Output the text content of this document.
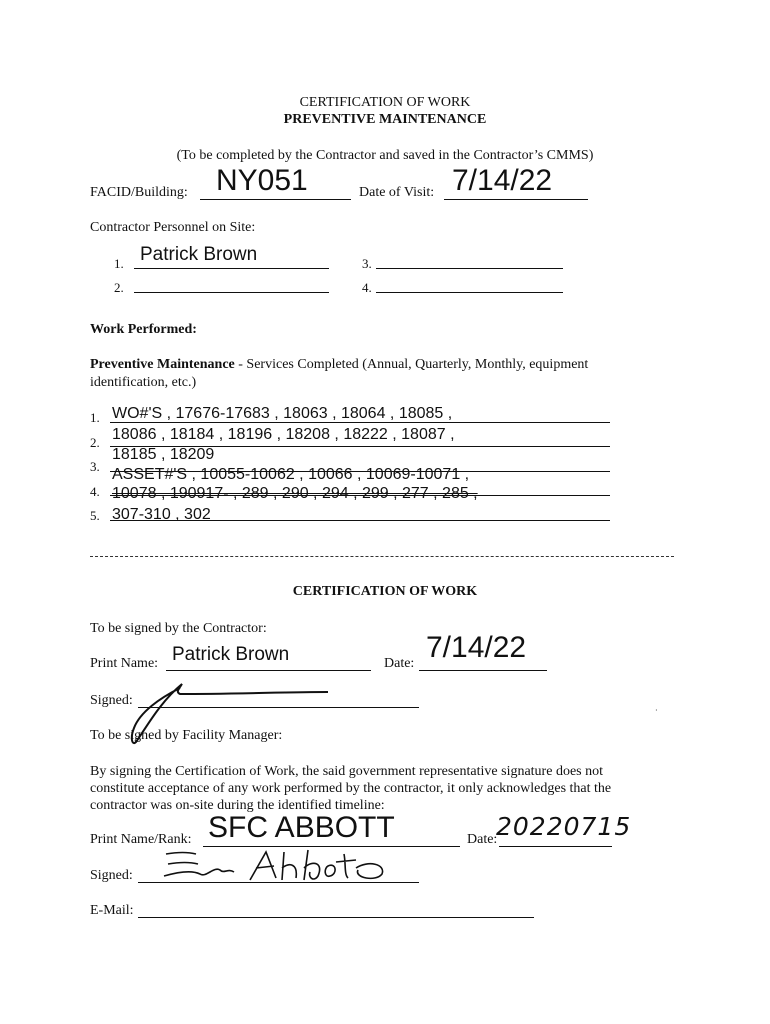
CERTIFICATION OF WORK
PREVENTIVE MAINTENANCE
(To be completed by the Contractor and saved in the Contractor’s CMMS)
FACID/Building: NY051	Date of Visit: 7/14/22
Contractor Personnel on Site:
1. Patrick Brown
2.
3.
4.
Work Performed:
Preventive Maintenance - Services Completed (Annual, Quarterly, Monthly, equipment
identification, etc.)
1.
2.
3.
4.
5.
WO#'S , 17676-17683 , 18063 , 18064 , 18085 ,
18086 , 18184 , 18196 , 18208 , 18222 , 18087 ,
18185 , 18209
ASSET#'S , 10055-10062 , 10066 , 10069-10071 ,
10078 , 190917- , 289 , 290 , 294 , 299 , 277 , 285 ,
307-310 , 302
CERTIFICATION OF WORK
To be signed by the Contractor:
Print Name: Patrick Brown	Date: 7/14/22
Signed:
To be signed by Facility Manager:
·
By signing the Certification of Work, the said government representative signature does not
constitute acceptance of any work performed by the contractor, it only acknowledges that the
contractor was on-site during the identified timeline:
Print Name/Rank: SFC ABBOTT	Date:
20220715
Signed:
E-Mail:
